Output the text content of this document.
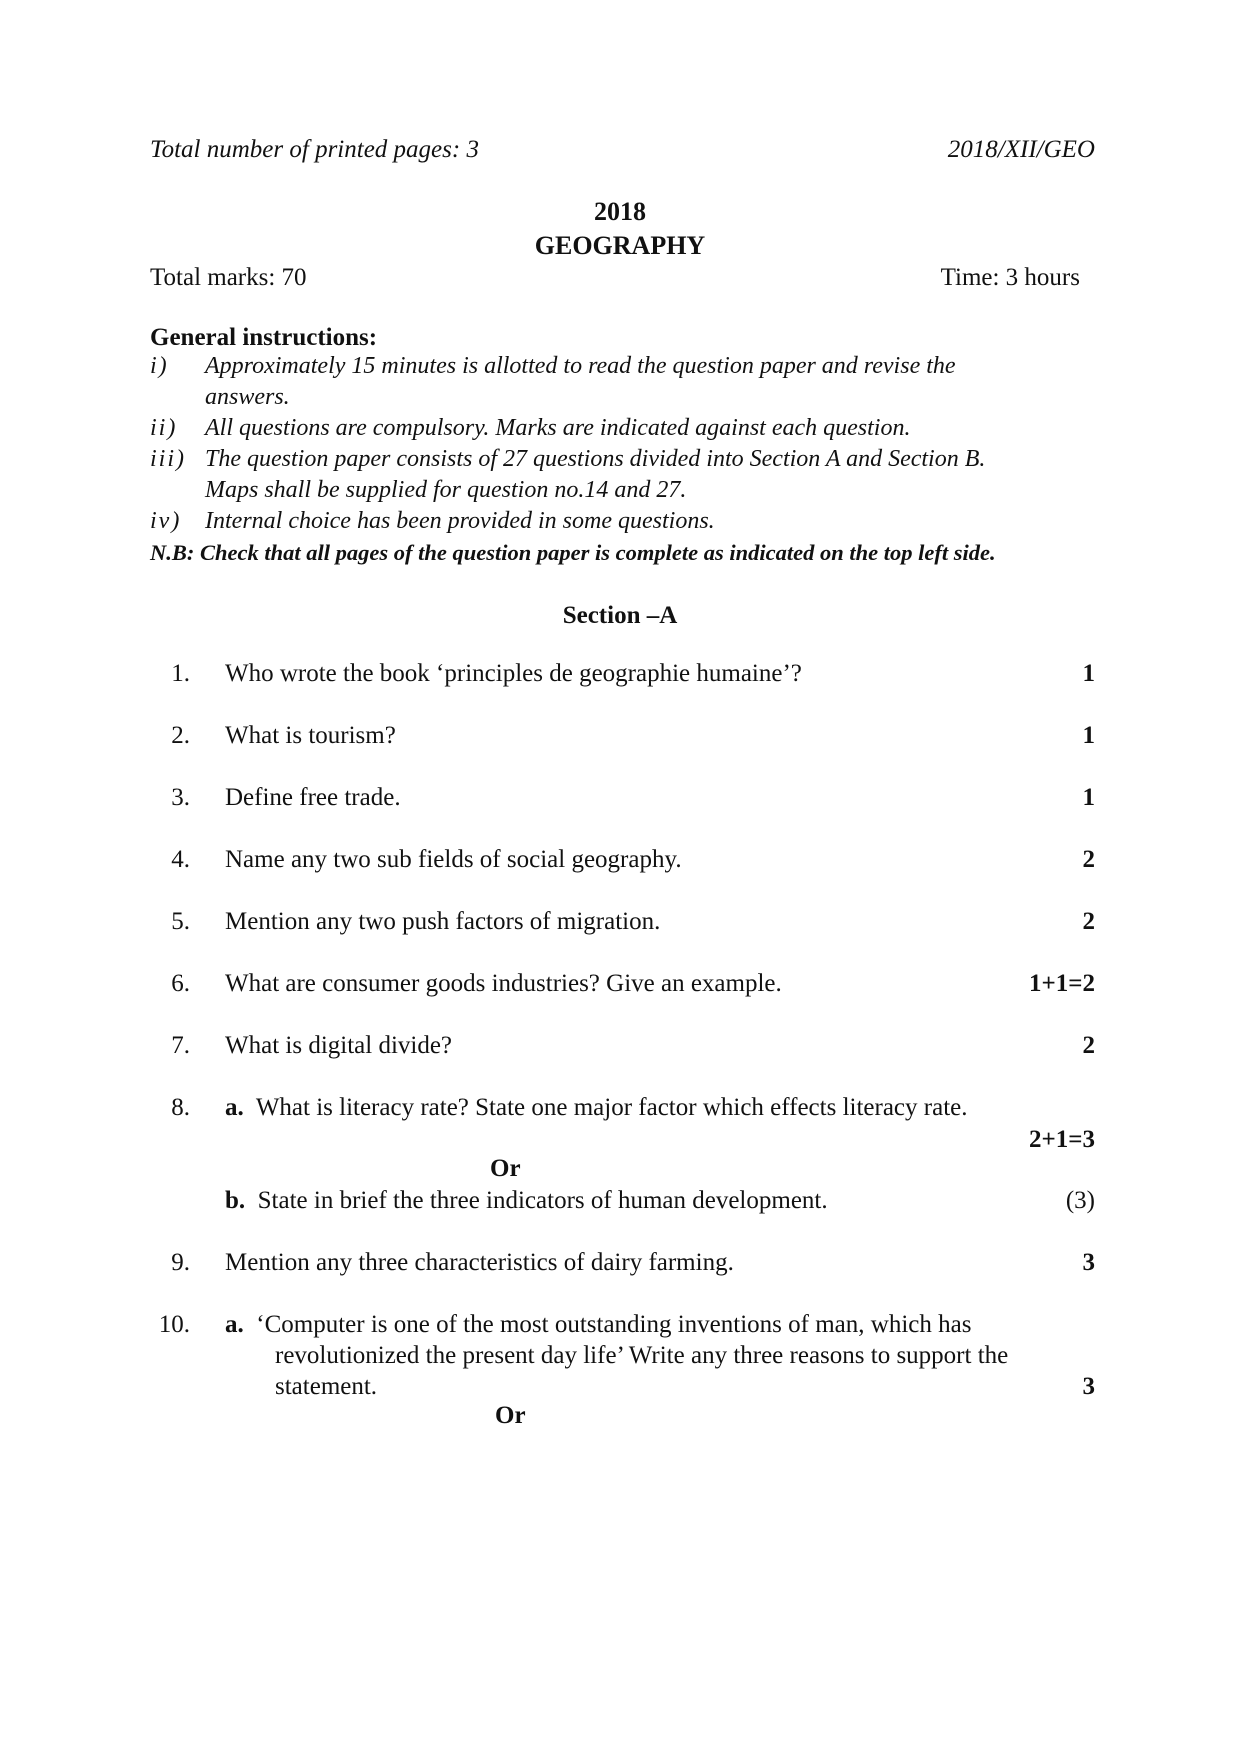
Total number of printed pages: 3	2018/XII/GEO
2018
GEOGRAPHY
Total marks: 70	Time: 3 hours
General instructions:
i)	Approximately 15 minutes is allotted to read the question paper and revise the
answers.
ii)	All questions are compulsory. Marks are indicated against each question.
iii) The question paper consists of 27 questions divided into Section A and Section B.
Maps shall be supplied for question no.14 and 27.
iv) Internal choice has been provided in some questions.
N.B: Check that all pages of the question paper is complete as indicated on the top left side.
Section –A
1. Who wrote the book ‘principles de geographie humaine’?	1
2. What is tourism?	1
3. Define free trade.	1
4. Name any two sub fields of social geography.	2
5. Mention any two push factors of migration.	2
6. What are consumer goods industries? Give an example.	1+1=2
7. What is digital divide?	2
8. a. What is literacy rate? State one major factor which effects literacy rate.
2+1=3
Or
b. State in brief the three indicators of human development.	(3)
9. Mention any three characteristics of dairy farming.	3
10. a. ‘Computer is one of the most outstanding inventions of man, which has
revolutionized the present day life’ Write any three reasons to support the
statement.	3
Or
